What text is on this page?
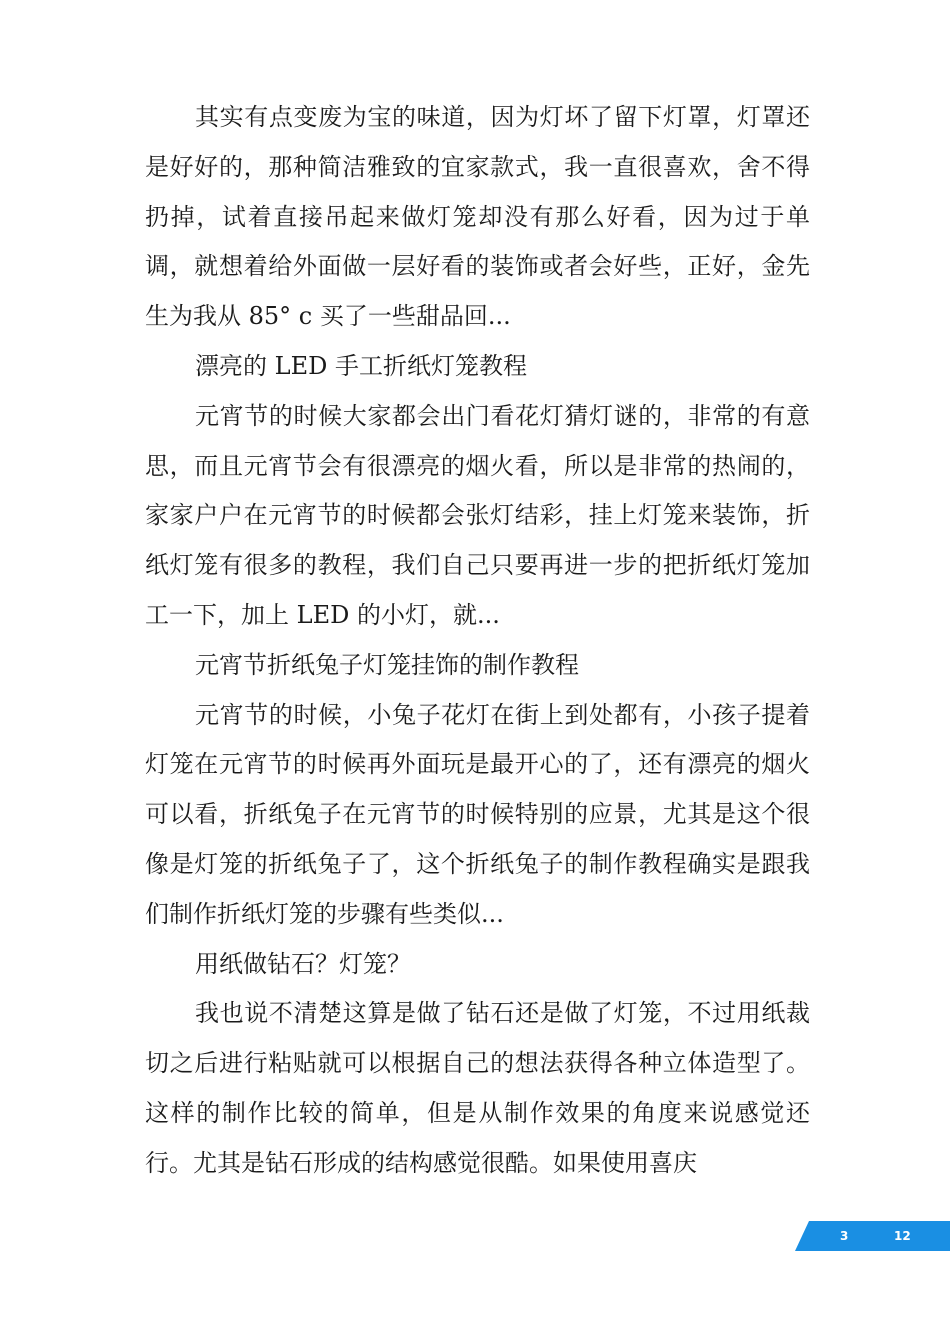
其实有点变废为宝的味道，因为灯坏了留下灯罩，灯罩还是好好的，那种简洁雅致的宜家款式，我一直很喜欢，舍不得扔掉，试着直接吊起来做灯笼却没有那么好看，因为过于单调，就想着给外面做一层好看的装饰或者会好些，正好，金先生为我从 85° c 买了一些甜品回...

漂亮的 LED 手工折纸灯笼教程

元宵节的时候大家都会出门看花灯猜灯谜的，非常的有意思，而且元宵节会有很漂亮的烟火看，所以是非常的热闹的，家家户户在元宵节的时候都会张灯结彩，挂上灯笼来装饰，折纸灯笼有很多的教程，我们自己只要再进一步的把折纸灯笼加工一下，加上 LED 的小灯，就...

元宵节折纸兔子灯笼挂饰的制作教程

元宵节的时候，小兔子花灯在街上到处都有，小孩子提着灯笼在元宵节的时候再外面玩是最开心的了，还有漂亮的烟火可以看，折纸兔子在元宵节的时候特别的应景，尤其是这个很像是灯笼的折纸兔子了，这个折纸兔子的制作教程确实是跟我们制作折纸灯笼的步骤有些类似...

用纸做钻石？灯笼？

我也说不清楚这算是做了钻石还是做了灯笼，不过用纸裁切之后进行粘贴就可以根据自己的想法获得各种立体造型了。这样的制作比较的简单，但是从制作效果的角度来说感觉还行。尤其是钻石形成的结构感觉很酷。如果使用喜庆

3	12
